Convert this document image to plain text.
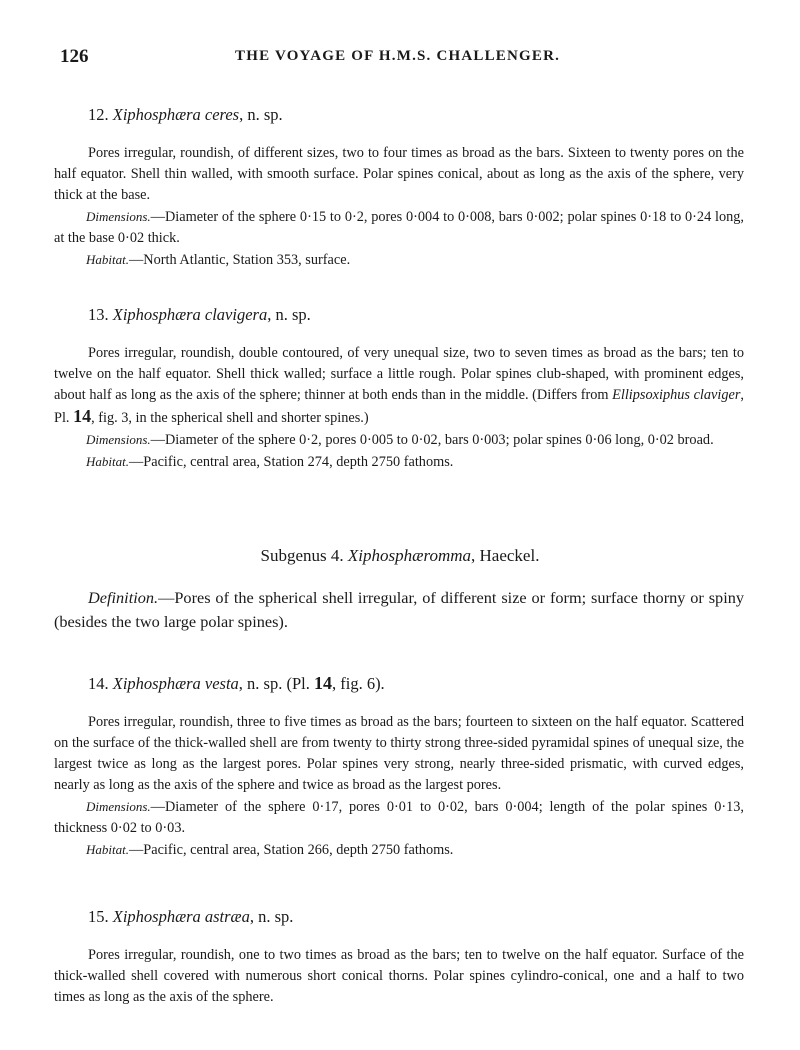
126	THE VOYAGE OF H.M.S. CHALLENGER.
12. Xiphosphæra ceres, n. sp.

Pores irregular, roundish, of different sizes, two to four times as broad as the bars. Sixteen to twenty pores on the half equator. Shell thin walled, with smooth surface. Polar spines conical, about as long as the axis of the sphere, very thick at the base.

Dimensions.—Diameter of the sphere 0·15 to 0·2, pores 0·004 to 0·008, bars 0·002; polar spines 0·18 to 0·24 long, at the base 0·02 thick.

Habitat.—North Atlantic, Station 353, surface.

13. Xiphosphæra clavigera, n. sp.

Pores irregular, roundish, double contoured, of very unequal size, two to seven times as broad as the bars; ten to twelve on the half equator. Shell thick walled; surface a little rough. Polar spines club-shaped, with prominent edges, about half as long as the axis of the sphere; thinner at both ends than in the middle. (Differs from Ellipsoxiphus claviger, Pl. 14, fig. 3, in the spherical shell and shorter spines.)

Dimensions.—Diameter of the sphere 0·2, pores 0·005 to 0·02, bars 0·003; polar spines 0·06 long, 0·02 broad.

Habitat.—Pacific, central area, Station 274, depth 2750 fathoms.

Subgenus 4. Xiphosphæromma, Haeckel.

Definition.—Pores of the spherical shell irregular, of different size or form; surface thorny or spiny (besides the two large polar spines).

14. Xiphosphæra vesta, n. sp. (Pl. 14, fig. 6).

Pores irregular, roundish, three to five times as broad as the bars; fourteen to sixteen on the half equator. Scattered on the surface of the thick-walled shell are from twenty to thirty strong three-sided pyramidal spines of unequal size, the largest twice as long as the largest pores. Polar spines very strong, nearly three-sided prismatic, with curved edges, nearly as long as the axis of the sphere and twice as broad as the largest pores.

Dimensions.—Diameter of the sphere 0·17, pores 0·01 to 0·02, bars 0·004; length of the polar spines 0·13, thickness 0·02 to 0·03.

Habitat.—Pacific, central area, Station 266, depth 2750 fathoms.

15. Xiphosphæra astræa, n. sp.

Pores irregular, roundish, one to two times as broad as the bars; ten to twelve on the half equator. Surface of the thick-walled shell covered with numerous short conical thorns. Polar spines cylindro-conical, one and a half to two times as long as the axis of the sphere.
